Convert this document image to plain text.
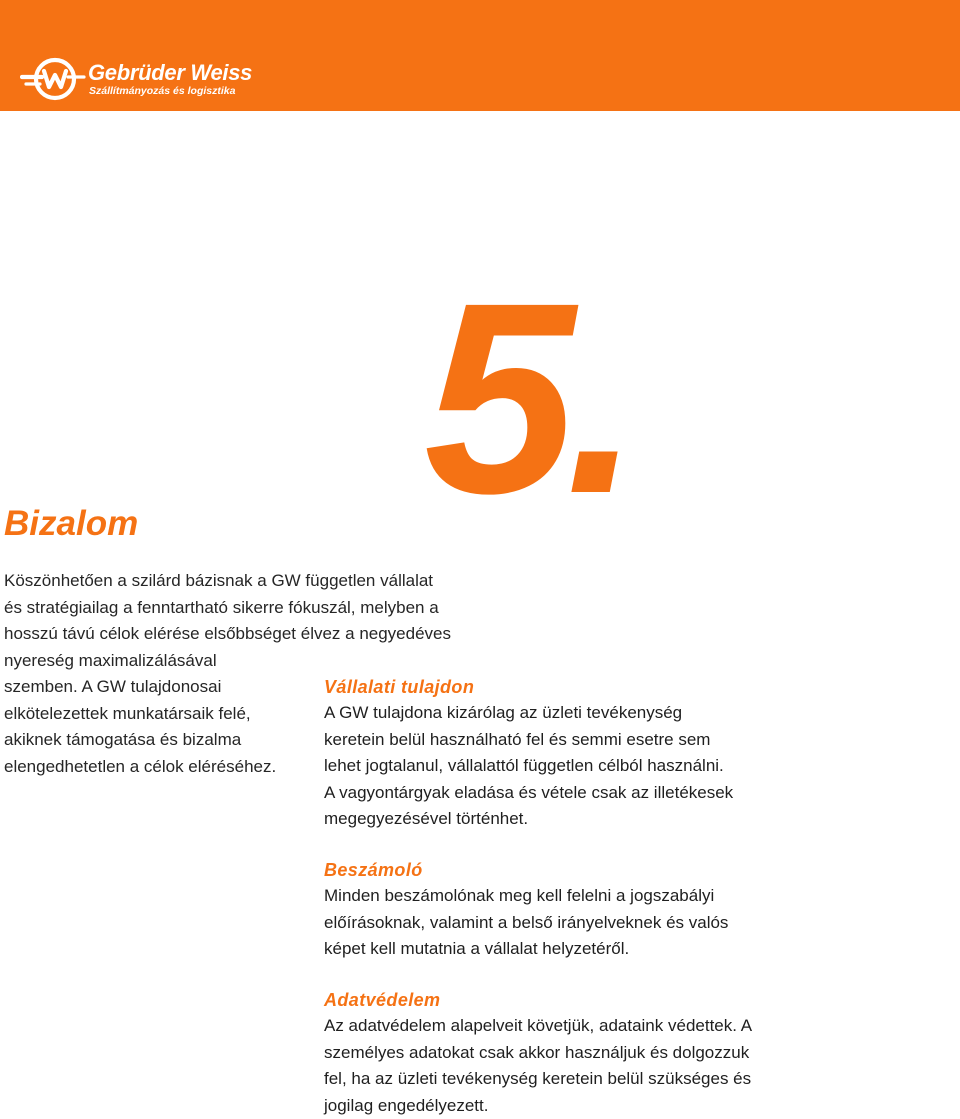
Gebrüder Weiss
Szállítmányozás és logisztika
5.
Bizalom

Köszönhetően a szilárd bázisnak a GW független vállalat
és stratégiailag a fenntartható sikerre fókuszál, melyben a
hosszú távú célok elérése elsőbbséget élvez a negyedéves
nyereség maximalizálásával
szemben. A GW tulajdonosai
elkötelezettek munkatársaik felé,
akiknek támogatása és bizalma
elengedhetetlen a célok eléréséhez.

Vállalati tulajdon

A GW tulajdona kizárólag az üzleti tevékenység
keretein belül használható fel és semmi esetre sem
lehet jogtalanul, vállalattól független célból használni.
A vagyontárgyak eladása és vétele csak az illetékesek
megegyezésével történhet.

Beszámoló

Minden beszámolónak meg kell felelni a jogszabályi
előírásoknak, valamint a belső irányelveknek és valós
képet kell mutatnia a vállalat helyzetéről.

Adatvédelem

Az adatvédelem alapelveit követjük, adataink védettek. A
személyes adatokat csak akkor használjuk és dolgozzuk
fel, ha az üzleti tevékenység keretein belül szükséges és
jogilag engedélyezett.
